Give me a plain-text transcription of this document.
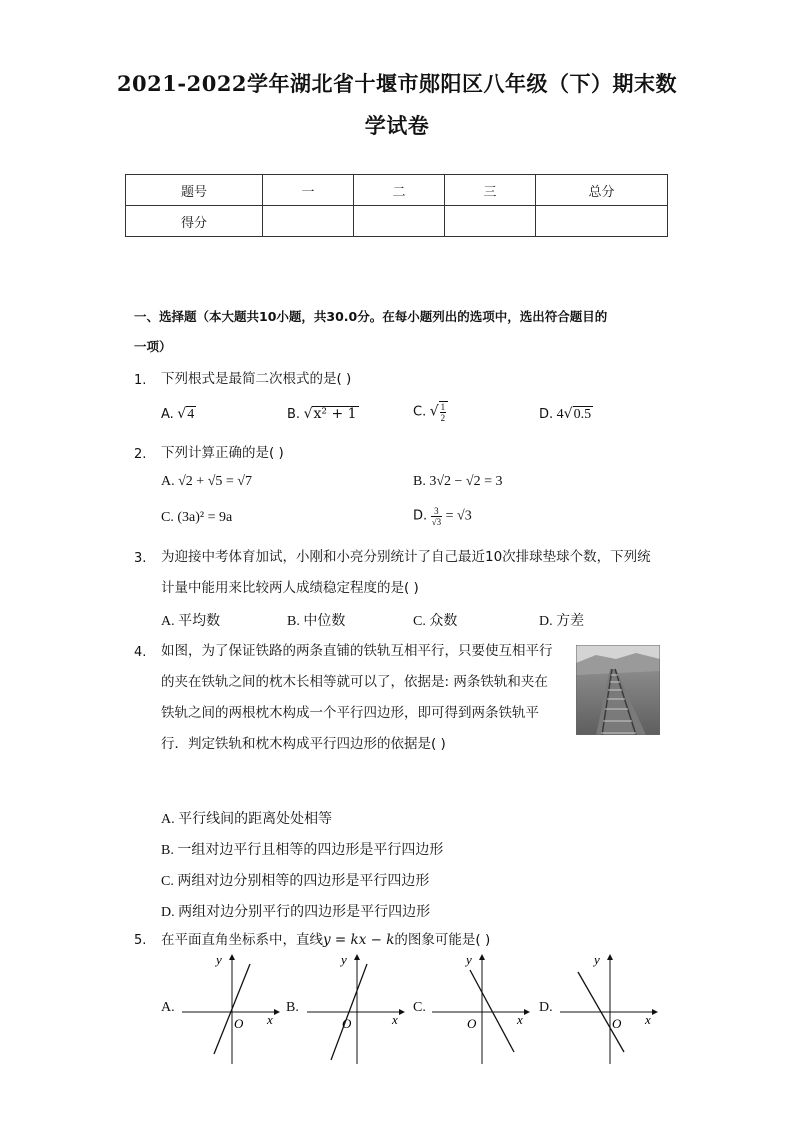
2021-2022学年湖北省十堰市郧阳区八年级（下）期末数
学试卷
题号	一	二	三	总分
得分				
一、选择题（本大题共10小题，共30.0分。在每小题列出的选项中，选出符合题目的
一项）
1. 下列根式是最简二次根式的是( )
A. √4	B. √x² + 1	C. √ $\frac{1}{2}$	D. 4√0.5
2. 下列计算正确的是( )
A. √2 + √5 = √7	B. 3√2 − √2 = 3
C. (3a)² = 9a	D. $\frac{3}{√3} = √3$
3. 为迎接中考体育加试，小刚和小亮分别统计了自己最近10次排球垫球个数，下列统
计量中能用来比较两人成绩稳定程度的是( )
A. 平均数	B. 中位数	C. 众数	D. 方差
4. 如图，为了保证铁路的两条直铺的铁轨互相平行，只要使互相平行
的夹在铁轨之间的枕木长相等就可以了，依据是: 两条铁轨和夹在
铁轨之间的两根枕木构成一个平行四边形，即可得到两条铁轨平
行．判定铁轨和枕木构成平行四边形的依据是( )
A. 平行线间的距离处处相等
B. 一组对边平行且相等的四边形是平行四边形
C. 两组对边分别相等的四边形是平行四边形
D. 两组对边分别平行的四边形是平行四边形
5. 在平面直角坐标系中，直线y = kx − k的图象可能是( )
A.	B.	C.	D.
y
x
O
y
x
O
y
x
O
y
x
O
